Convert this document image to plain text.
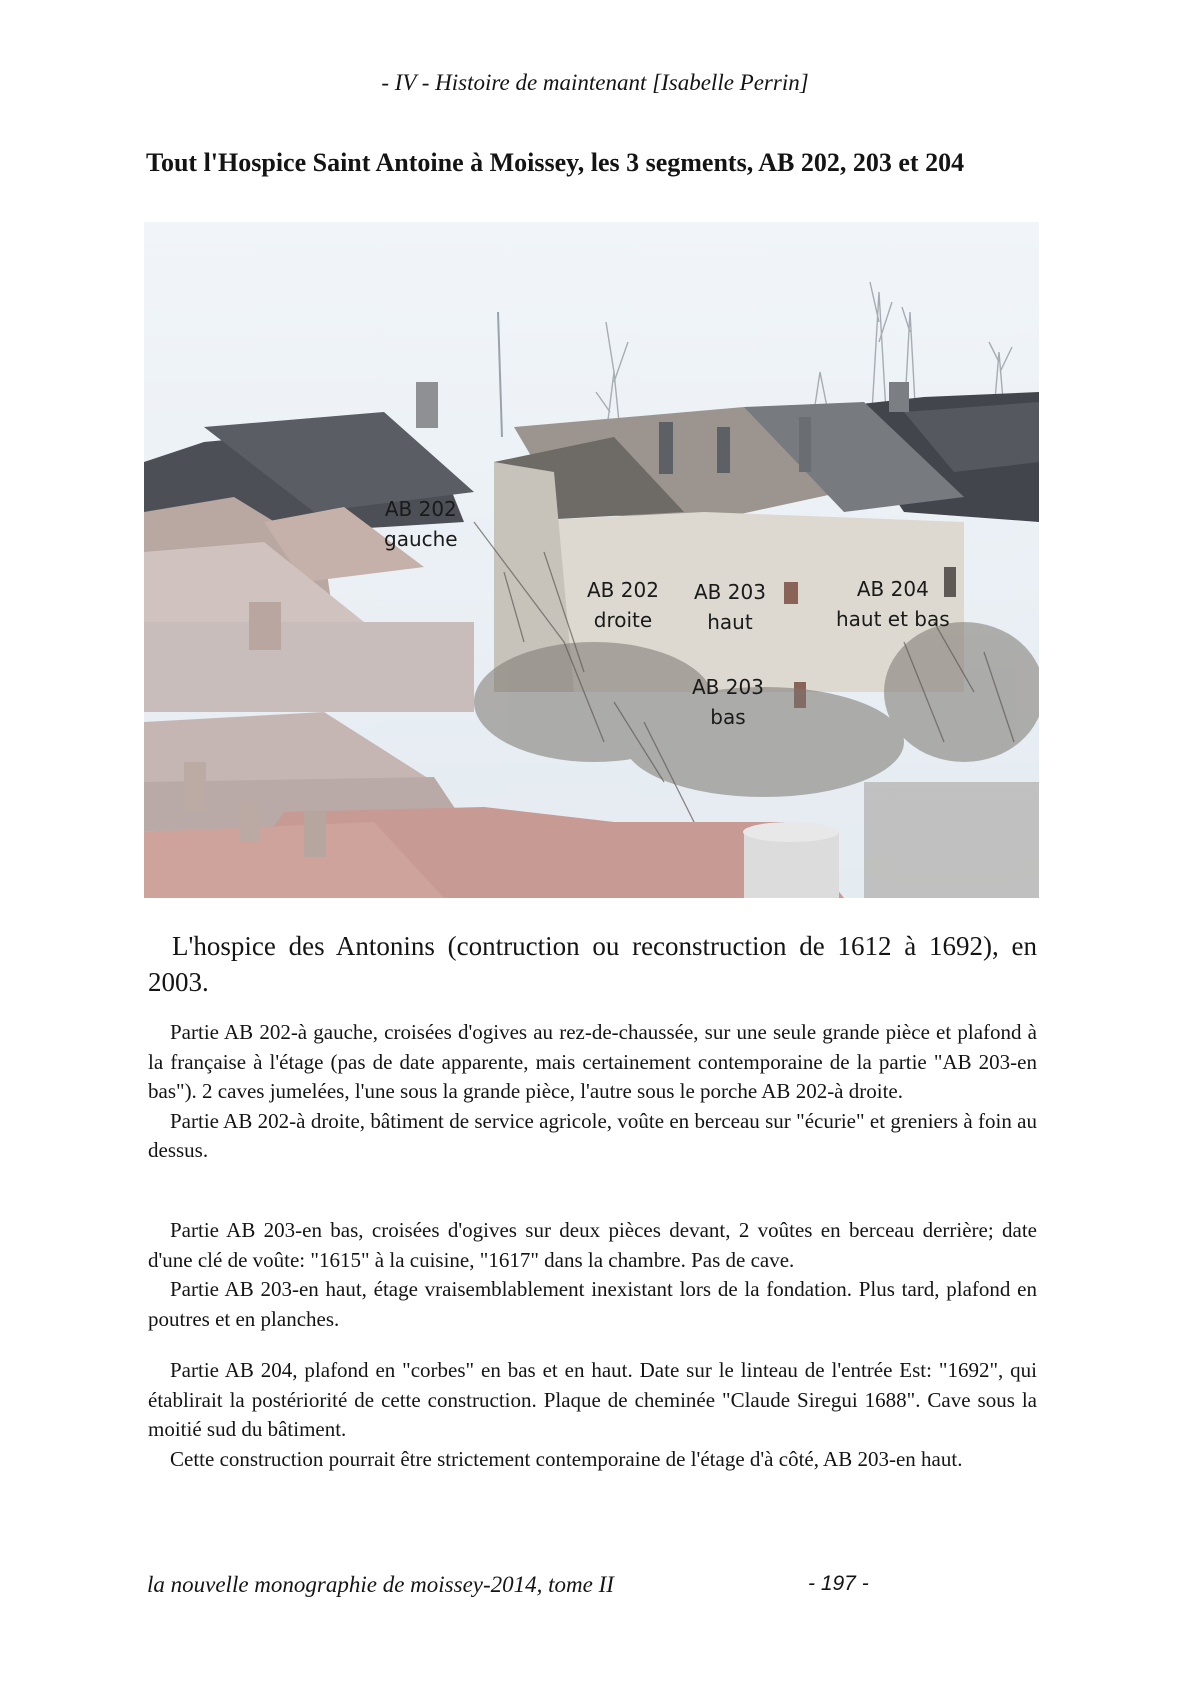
- IV - Histoire de maintenant [Isabelle Perrin]
Tout l'Hospice Saint Antoine à Moissey, les 3 segments, AB 202, 203 et 204
AB 202
gauche
AB 202
droite
AB 203
haut
AB 204
haut et bas
AB 203
bas
L'hospice des Antonins (contruction ou reconstruction de 1612 à 1692), en 2003.

Partie AB 202-à gauche, croisées d'ogives au rez-de-chaussée, sur une seule grande pièce et plafond à la française à l'étage (pas de date apparente, mais certainement contemporaine de la partie "AB 203-en bas"). 2 caves jumelées, l'une sous la grande pièce, l'autre sous le porche AB 202-à droite.

Partie AB 202-à droite, bâtiment de service agricole, voûte en berceau sur "écurie" et greniers à foin au dessus.

Partie AB 203-en bas, croisées d'ogives sur deux pièces devant, 2 voûtes en berceau derrière; date d'une clé de voûte: "1615" à la cuisine, "1617" dans la chambre. Pas de cave.

Partie AB 203-en haut, étage vraisemblablement inexistant lors de la fondation. Plus tard, plafond en poutres et en planches.

Partie AB 204, plafond en "corbes" en bas et en haut. Date sur le linteau de l'entrée Est: "1692", qui établirait la postériorité de cette construction. Plaque de cheminée "Claude Siregui 1688". Cave sous la moitié sud du bâtiment.

Cette construction pourrait être strictement contemporaine de l'étage d'à côté, AB 203-en haut.

la nouvelle monographie de moissey-2014, tome II	- 197 -
